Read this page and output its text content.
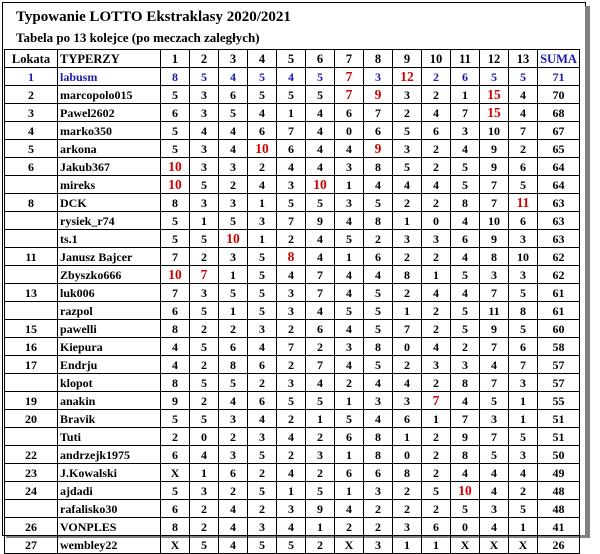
Typowanie LOTTO Ekstraklasy 2020/2021
Tabela po 13 kolejce (po meczach zaległych)
Lokata	TYPERZY	1	2	3	4	5	6	7	8	9	10	11	12	13	SUMA
1	labusm	8	5	4	5	4	5	7	3	12	2	6	5	5	71
2	marcopolo015	5	3	6	5	5	5	7	9	3	2	1	15	4	70
3	Pawel2602	6	3	5	4	1	4	6	7	2	4	7	15	4	68
4	marko350	5	4	4	6	7	4	0	6	5	6	3	10	7	67
5	arkona	5	3	4	10	6	4	4	9	3	2	4	9	2	65
6	Jakub367	10	3	3	2	4	4	3	8	5	2	5	9	6	64
	mireks	10	5	2	4	3	10	1	4	4	4	5	7	5	64
8	DCK	8	3	3	1	5	5	3	5	2	2	8	7	11	63
	rysiek_r74	5	1	5	3	7	9	4	8	1	0	4	10	6	63
	ts.1	5	5	10	1	2	4	5	2	3	3	6	9	3	63
11	Janusz Bajcer	7	2	3	5	8	4	1	6	2	2	4	8	10	62
	Zbyszko666	10	7	1	5	4	7	4	4	8	1	5	3	3	62
13	luk006	7	3	5	5	3	7	4	5	2	4	4	7	5	61
	razpol	6	5	1	5	3	4	5	5	1	2	5	11	8	61
15	pawelli	8	2	2	3	2	6	4	5	7	2	5	9	5	60
16	Kiepura	4	5	6	4	7	2	3	8	0	4	2	7	6	58
17	Endrju	4	2	8	6	2	7	4	5	2	3	3	4	7	57
	klopot	8	5	5	2	3	4	2	4	4	2	8	7	3	57
19	anakin	9	2	4	6	5	5	1	3	3	7	4	5	1	55
20	Bravik	5	5	3	4	2	1	5	4	6	1	7	3	1	51
	Tuti	2	0	2	3	4	2	6	8	1	2	9	7	5	51
22	andrzejk1975	6	4	3	5	2	3	1	8	0	2	8	5	3	50
23	J.Kowalski	X	1	6	2	4	2	6	6	8	2	4	4	4	49
24	ajdadi	5	3	2	5	1	5	1	3	2	5	10	4	2	48
	rafalisko30	6	2	4	2	3	9	4	2	2	2	5	3	5	48
26	VONPLES	8	2	4	3	4	1	2	2	3	6	0	4	1	41
27	wembley22	X	5	4	5	5	2	X	3	1	1	X	X	X	26
